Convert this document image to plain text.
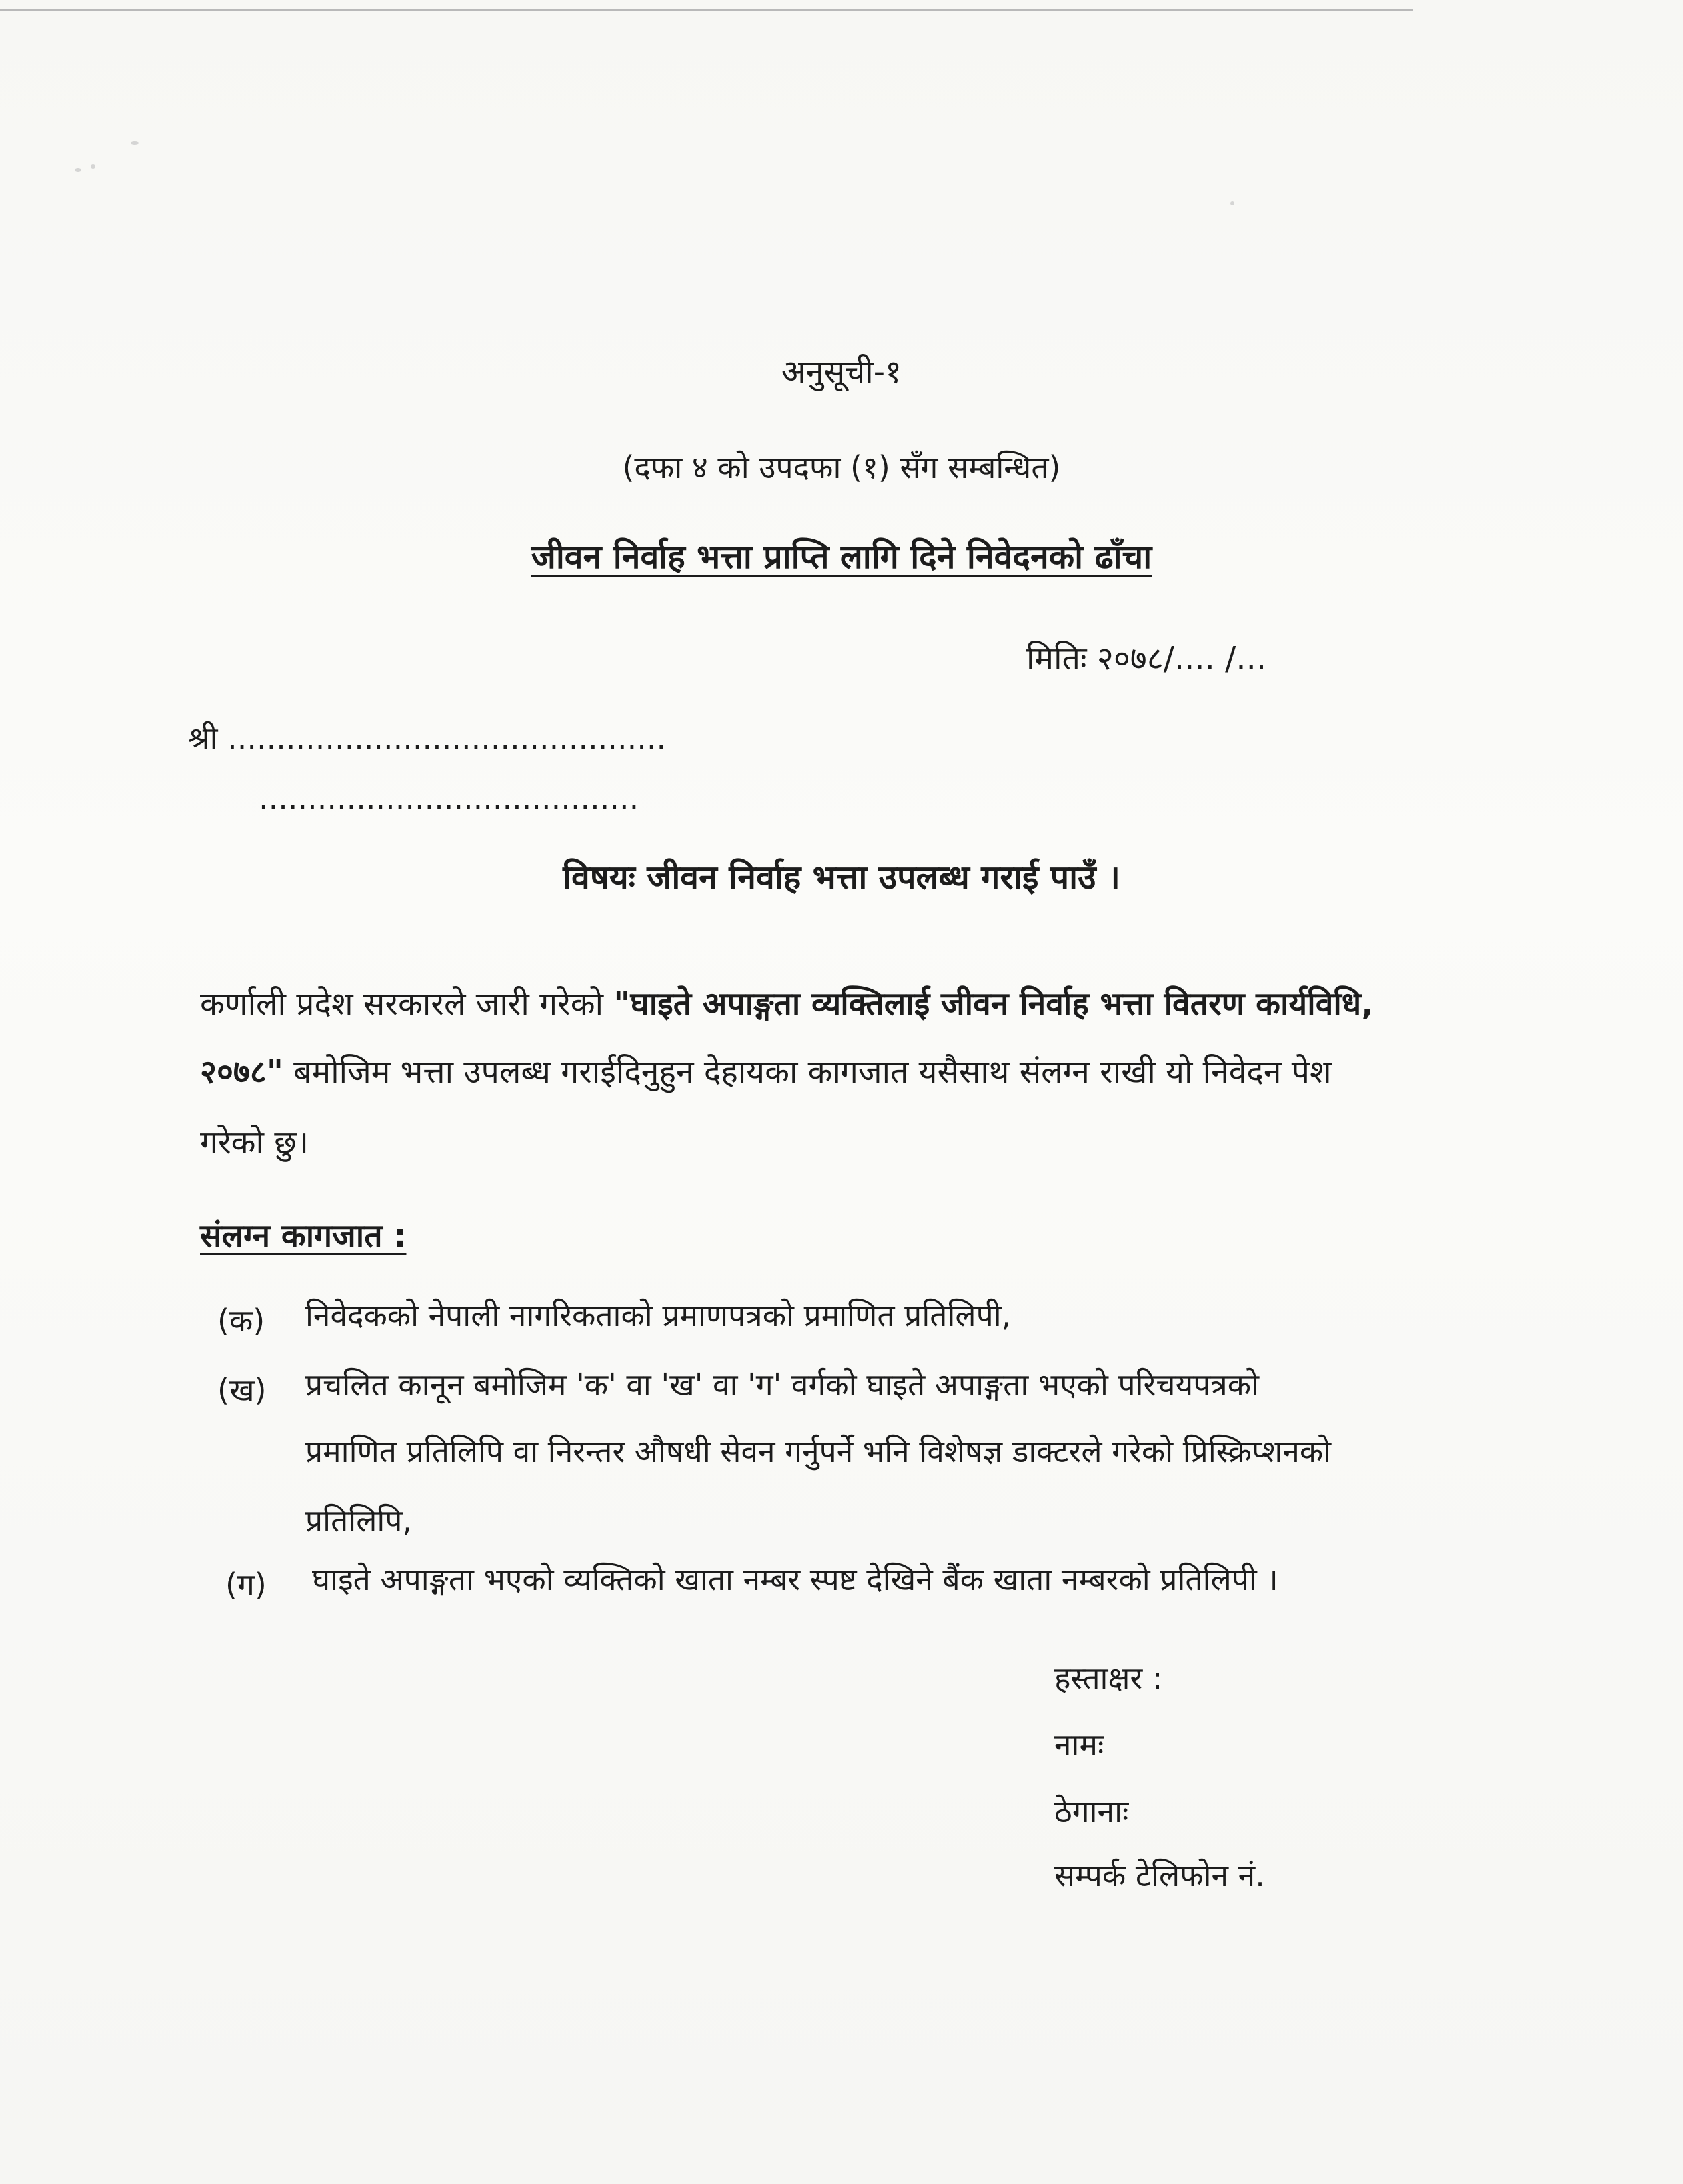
अनुसूची-१
(दफा ४ को उपदफा (१) सँग सम्बन्धित)
जीवन निर्वाह भत्ता प्राप्ति लागि दिने निवेदनको ढाँचा
मितिः २०७८/.... /...
श्री .............................................
.......................................
विषयः जीवन निर्वाह भत्ता उपलब्ध गराई पाउँ ।
कर्णाली प्रदेश सरकारले जारी गरेको "घाइते अपाङ्गता व्यक्तिलाई जीवन निर्वाह भत्ता वितरण कार्यविधि,
२०७८" बमोजिम भत्ता उपलब्ध गराईदिनुहुन देहायका कागजात यसैसाथ संलग्न राखी यो निवेदन पेश
गरेको छु।
संलग्न कागजात :
(क) निवेदकको नेपाली नागरिकताको प्रमाणपत्रको प्रमाणित प्रतिलिपी,
(ख) प्रचलित कानून बमोजिम 'क' वा 'ख' वा 'ग' वर्गको घाइते अपाङ्गता भएको परिचयपत्रको
प्रमाणित प्रतिलिपि वा निरन्तर औषधी सेवन गर्नुपर्ने भनि विशेषज्ञ डाक्टरले गरेको प्रिस्क्रिप्शनको
प्रतिलिपि,
(ग) घाइते अपाङ्गता भएको व्यक्तिको खाता नम्बर स्पष्ट देखिने बैंक खाता नम्बरको प्रतिलिपी ।
हस्ताक्षर :
नामः
ठेगानाः
सम्पर्क टेलिफोन नं.
